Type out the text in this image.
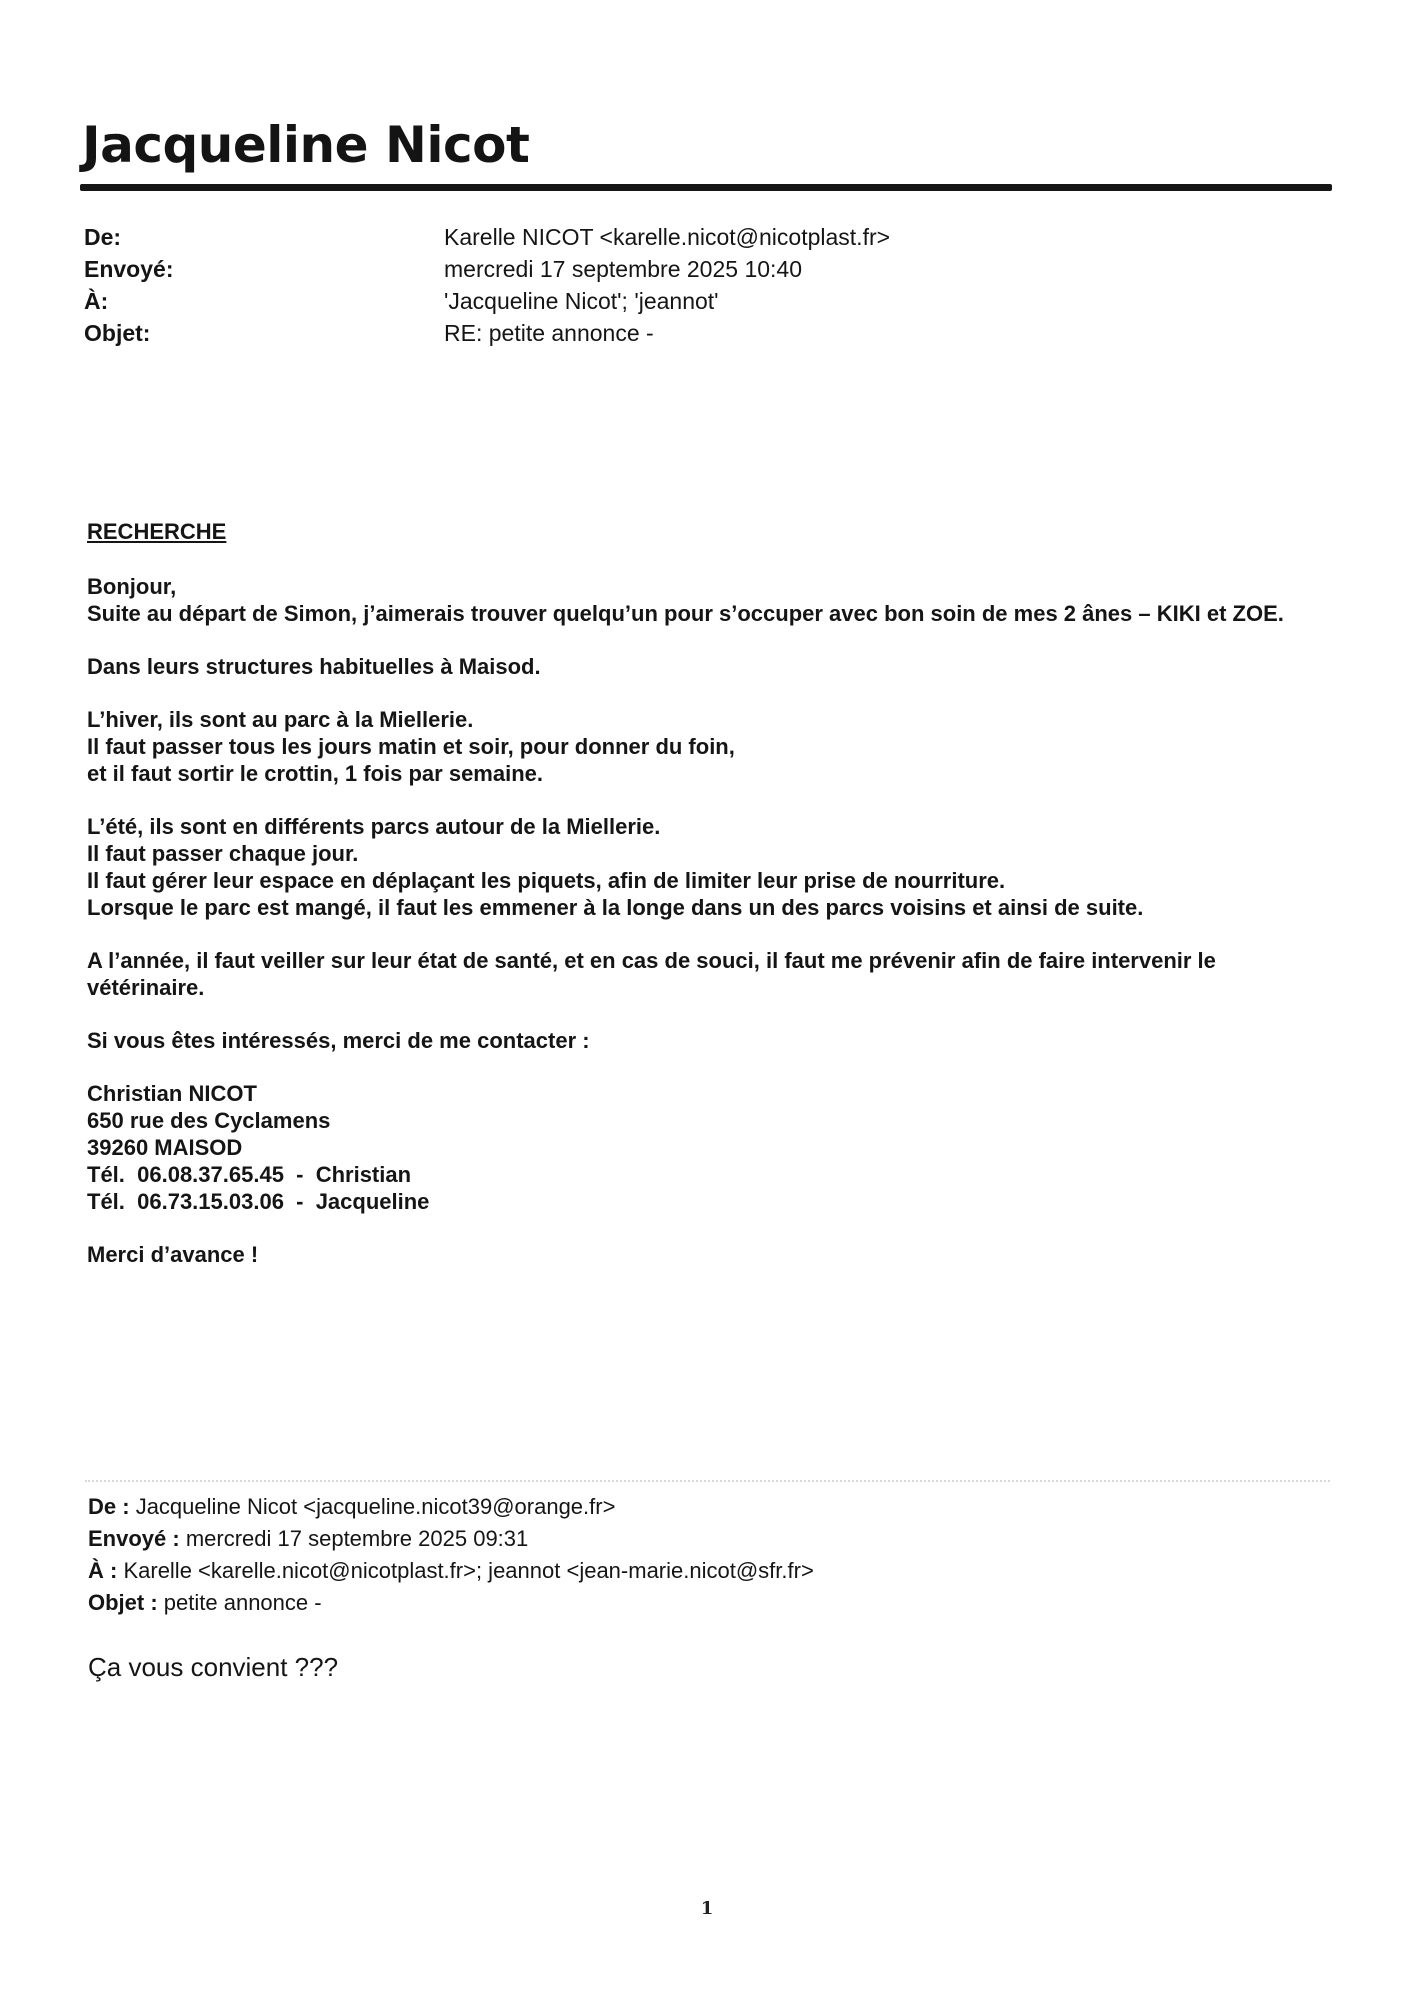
Jacqueline Nicot
De:	Karelle NICOT <karelle.nicot@nicotplast.fr>
Envoyé:	mercredi 17 septembre 2025 10:40
À:	'Jacqueline Nicot'; 'jeannot'
Objet:	RE: petite annonce -
RECHERCHE
Bonjour,
Suite au départ de Simon, j’aimerais trouver quelqu’un pour s’occuper avec bon soin de mes 2 ânes – KIKI et ZOE.
Dans leurs structures habituelles à Maisod.
L’hiver, ils sont au parc à la Miellerie.
Il faut passer tous les jours matin et soir, pour donner du foin,
et il faut sortir le crottin, 1 fois par semaine.
L’été, ils sont en différents parcs autour de la Miellerie.
Il faut passer chaque jour.
Il faut gérer leur espace en déplaçant les piquets, afin de limiter leur prise de nourriture.
Lorsque le parc est mangé, il faut les emmener à la longe dans un des parcs voisins et ainsi de suite.
A l’année, il faut veiller sur leur état de santé, et en cas de souci, il faut me prévenir afin de faire intervenir le vétérinaire.
Si vous êtes intéressés, merci de me contacter :
Christian NICOT
650 rue des Cyclamens
39260 MAISOD
Tél.  06.08.37.65.45  -  Christian
Tél.  06.73.15.03.06  -  Jacqueline
Merci d’avance !
De : Jacqueline Nicot <jacqueline.nicot39@orange.fr>
Envoyé : mercredi 17 septembre 2025 09:31
À : Karelle <karelle.nicot@nicotplast.fr>; jeannot <jean-marie.nicot@sfr.fr>
Objet : petite annonce -
Ça vous convient ???
1
